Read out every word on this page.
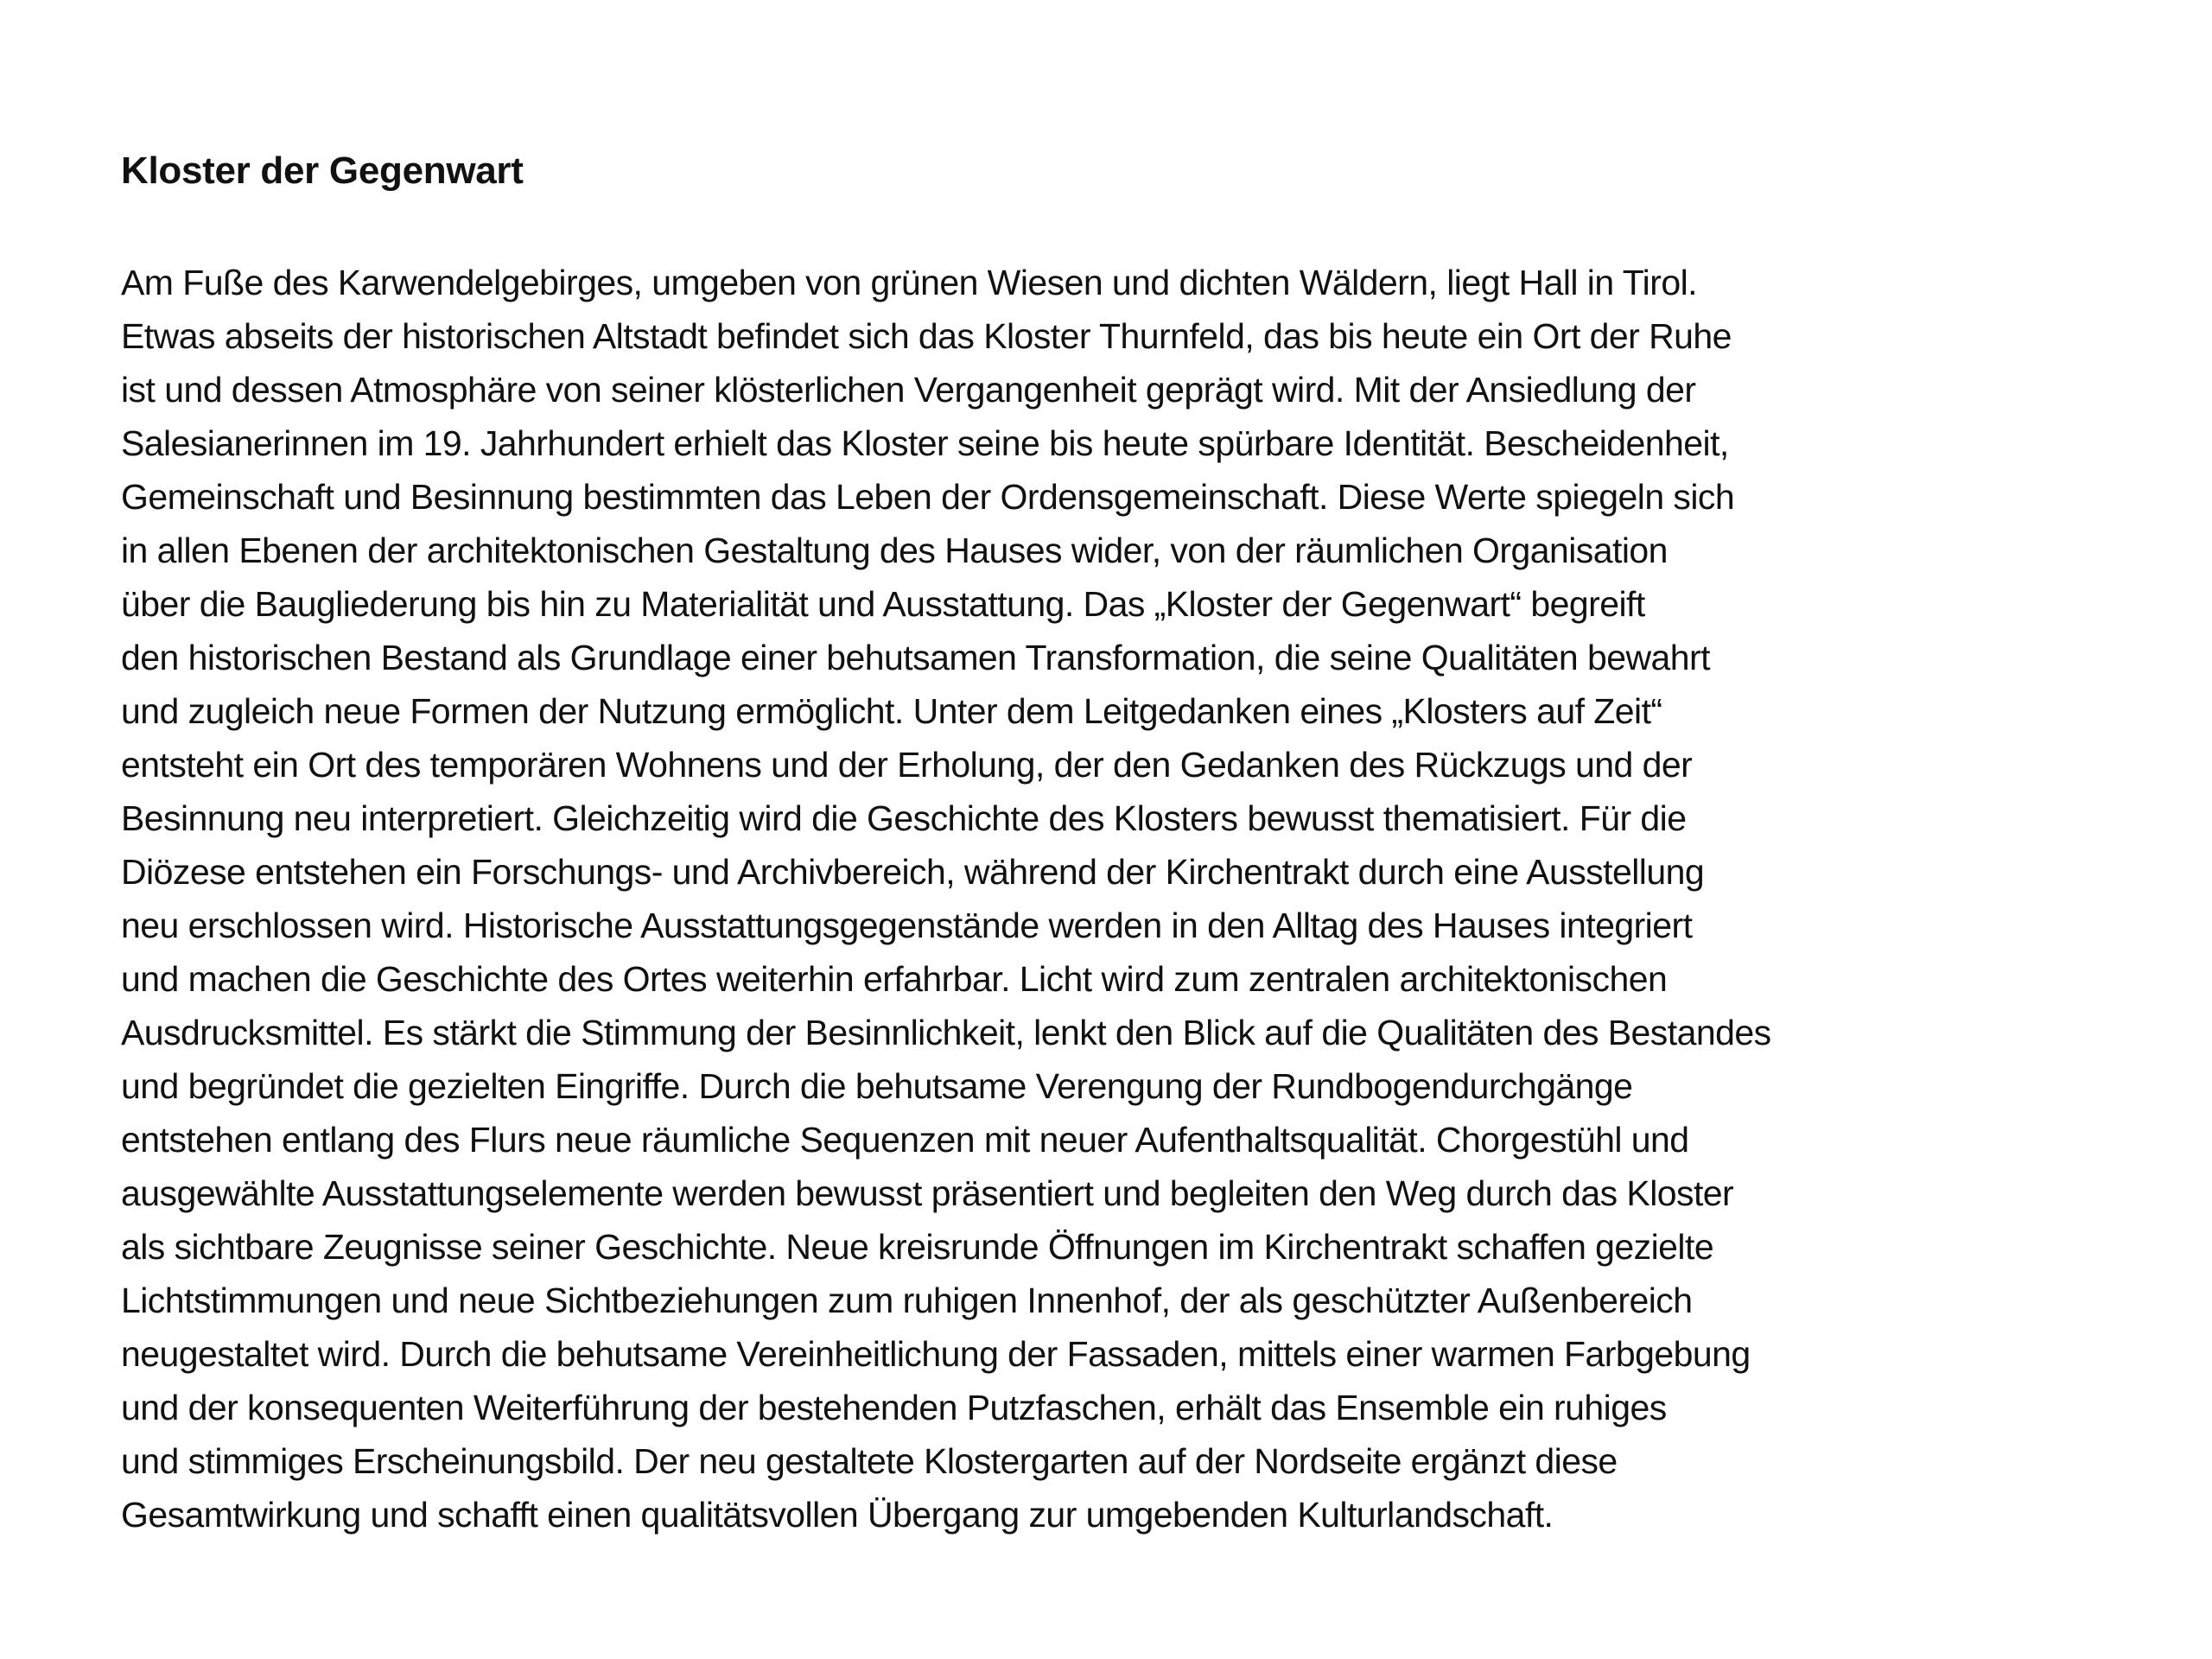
Kloster der Gegenwart

Am Fuße des Karwendelgebirges, umgeben von grünen Wiesen und dichten Wäldern, liegt Hall in Tirol.
Etwas abseits der historischen Altstadt befindet sich das Kloster Thurnfeld, das bis heute ein Ort der Ruhe
ist und dessen Atmosphäre von seiner klösterlichen Vergangenheit geprägt wird. Mit der Ansiedlung der
Salesianerinnen im 19. Jahrhundert erhielt das Kloster seine bis heute spürbare Identität. Bescheidenheit,
Gemeinschaft und Besinnung bestimmten das Leben der Ordensgemeinschaft. Diese Werte spiegeln sich
in allen Ebenen der architektonischen Gestaltung des Hauses wider, von der räumlichen Organisation
über die Baugliederung bis hin zu Materialität und Ausstattung. Das „Kloster der Gegenwart“ begreift
den historischen Bestand als Grundlage einer behutsamen Transformation, die seine Qualitäten bewahrt
und zugleich neue Formen der Nutzung ermöglicht. Unter dem Leitgedanken eines „Klosters auf Zeit“
entsteht ein Ort des temporären Wohnens und der Erholung, der den Gedanken des Rückzugs und der
Besinnung neu interpretiert. Gleichzeitig wird die Geschichte des Klosters bewusst thematisiert. Für die
Diözese entstehen ein Forschungs- und Archivbereich, während der Kirchentrakt durch eine Ausstellung
neu erschlossen wird. Historische Ausstattungsgegenstände werden in den Alltag des Hauses integriert
und machen die Geschichte des Ortes weiterhin erfahrbar. Licht wird zum zentralen architektonischen
Ausdrucksmittel. Es stärkt die Stimmung der Besinnlichkeit, lenkt den Blick auf die Qualitäten des Bestandes
und begründet die gezielten Eingriffe. Durch die behutsame Verengung der Rundbogendurchgänge
entstehen entlang des Flurs neue räumliche Sequenzen mit neuer Aufenthaltsqualität. Chorgestühl und
ausgewählte Ausstattungselemente werden bewusst präsentiert und begleiten den Weg durch das Kloster
als sichtbare Zeugnisse seiner Geschichte. Neue kreisrunde Öffnungen im Kirchentrakt schaffen gezielte
Lichtstimmungen und neue Sichtbeziehungen zum ruhigen Innenhof, der als geschützter Außenbereich
neugestaltet wird. Durch die behutsame Vereinheitlichung der Fassaden, mittels einer warmen Farbgebung
und der konsequenten Weiterführung der bestehenden Putzfaschen, erhält das Ensemble ein ruhiges
und stimmiges Erscheinungsbild. Der neu gestaltete Klostergarten auf der Nordseite ergänzt diese
Gesamtwirkung und schafft einen qualitätsvollen Übergang zur umgebenden Kulturlandschaft.
